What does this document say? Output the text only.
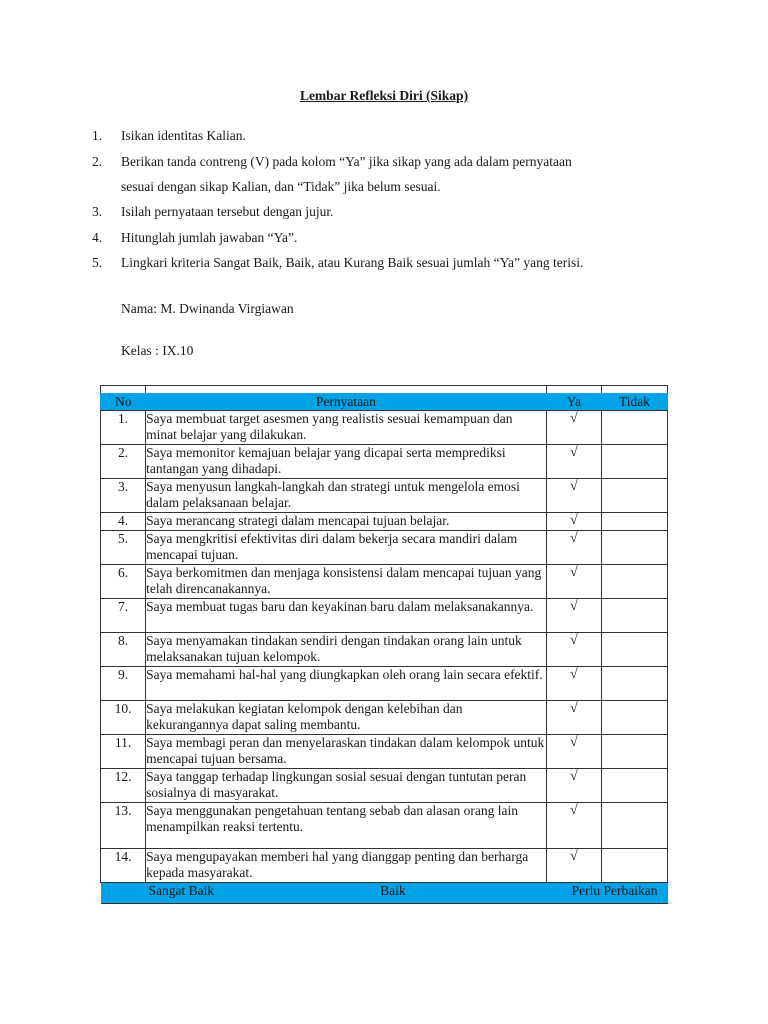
Lembar Refleksi Diri (Sikap)
1. Isikan identitas Kalian.
2. Berikan tanda contreng (V) pada kolom “Ya” jika sikap yang ada dalam pernyataan
sesuai dengan sikap Kalian, dan “Tidak” jika belum sesuai.
3. Isilah pernyataan tersebut dengan jujur.
4. Hitunglah jumlah jawaban “Ya”.
5. Lingkari kriteria Sangat Baik, Baik, atau Kurang Baik sesuai jumlah “Ya” yang terisi.
Nama: M. Dwinanda Virgiawan
Kelas : IX.10

No	Pernyataan	Ya	Tidak
1.	Saya membuat target asesmen yang realistis sesuai kemampuan dan minat belajar yang dilakukan.	√	
2.	Saya memonitor kemajuan belajar yang dicapai serta memprediksi tantangan yang dihadapi.	√	
3.	Saya menyusun langkah-langkah dan strategi untuk mengelola emosi dalam pelaksanaan belajar.	√	
4.	Saya merancang strategi dalam mencapai tujuan belajar.	√	
5.	Saya mengkritisi efektivitas diri dalam bekerja secara mandiri dalam mencapai tujuan.	√	
6.	Saya berkomitmen dan menjaga konsistensi dalam mencapai tujuan yang telah direncanakannya.	√	
7.	Saya membuat tugas baru dan keyakinan baru dalam melaksanakannya.	√	
8.	Saya menyamakan tindakan sendiri dengan tindakan orang lain untuk melaksanakan tujuan kelompok.	√	
9.	Saya memahami hal-hal yang diungkapkan oleh orang lain secara efektif.	√	
10.	Saya melakukan kegiatan kelompok dengan kelebihan dan kekurangannya dapat saling membantu.	√	
11.	Saya membagi peran dan menyelaraskan tindakan dalam kelompok untuk mencapai tujuan bersama.	√	
12.	Saya tanggap terhadap lingkungan sosial sesuai dengan tuntutan peran sosialnya di masyarakat.	√	
13.	Saya menggunakan pengetahuan tentang sebab dan alasan orang lain menampilkan reaksi tertentu.	√	
14.	Saya mengupayakan memberi hal yang dianggap penting dan berharga kepada masyarakat.	√	

Sangat Baik Baik Perlu Perbaikan			
